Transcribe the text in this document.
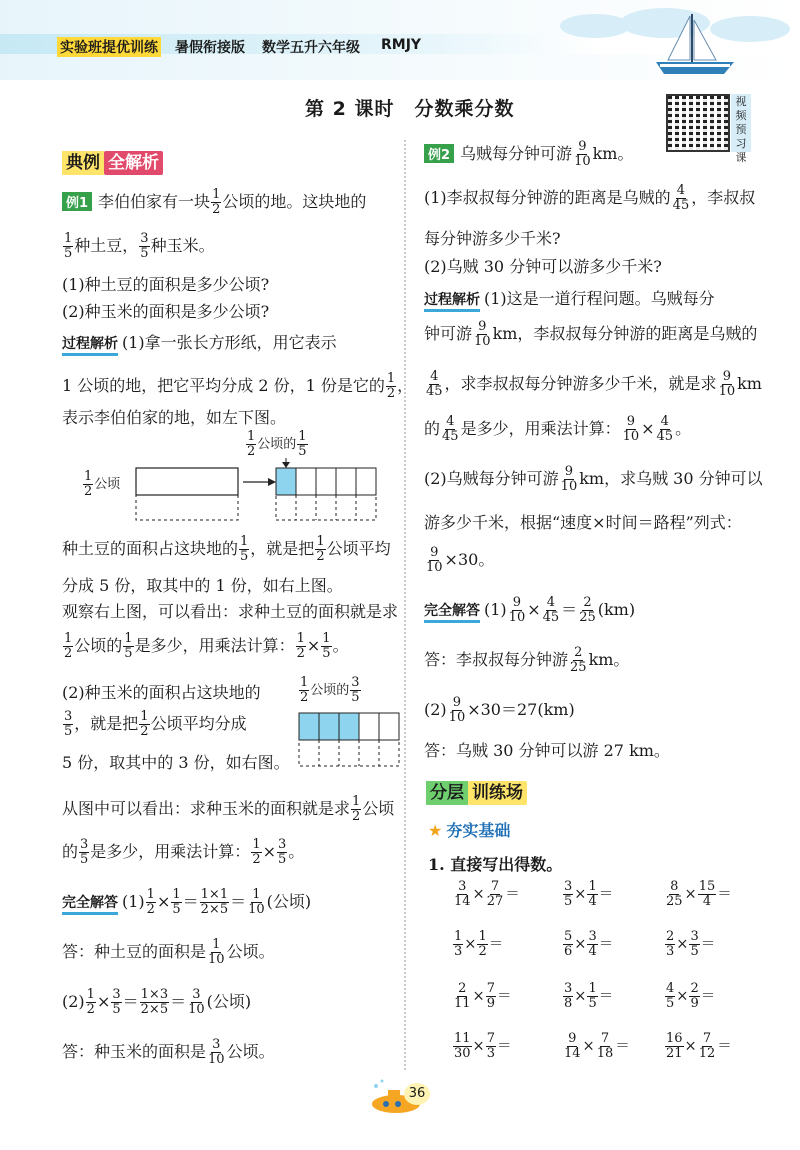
实验班提优训练 暑假衔接版 数学五升六年级 RMJY
第 2 课时　分数乘分数	视
频
预
习
课
典例 全解析
例1 李伯伯家有一块 $\frac{1}{2}$ 公顷的地。这块地的
$\frac{1}{5}$ 种土豆， $\frac{3}{5}$ 种玉米。
(1)种土豆的面积是多少公顷?
(2)种玉米的面积是多少公顷?
过程解析 (1)拿一张长方形纸，用它表示
1 公顷的地，把它平均分成 2 份，1 份是它的 $\frac{1}{2}$ ，
表示李伯伯家的地，如左下图。
$\frac{1}{2}$ 公顷的 $\frac{1}{5}$
$\frac{1}{2}$ 公顷
种土豆的面积占这块地的 $\frac{1}{5}$ ，就是把 $\frac{1}{2}$ 公顷平均
分成 5 份，取其中的 1 份，如右上图。
观察右上图，可以看出：求种土豆的面积就是求
$\frac{1}{2}$ 公顷的 $\frac{1}{5}$ 是多少，用乘法计算： $\frac{1}{2} \times \frac{1}{5}$ 。
(2)种玉米的面积占这块地的
$\frac{3}{5}$ ，就是把 $\frac{1}{2}$ 公顷平均分成
5 份，取其中的 3 份，如右图。
$\frac{1}{2}$ 公顷的 $\frac{3}{5}$
从图中可以看出：求种玉米的面积就是求 $\frac{1}{2}$ 公顷
的 $\frac{3}{5}$ 是多少，用乘法计算： $\frac{1}{2} \times \frac{3}{5}$ 。
完全解答 $(1) \frac{1}{2} \times \frac{1}{5} = \frac{1\times 1}{2\times 5} = \frac{1}{10}$ (公顷)
答：种土豆的面积是 $\frac{1}{10}$ 公顷。
$(2) \frac{1}{2} \times \frac{3}{5} = \frac{1\times 3}{2\times 5} = \frac{3}{10}$ (公顷)
答：种玉米的面积是 $\frac{3}{10}$ 公顷。
例2 乌贼每分钟可游 $\frac{9}{10}$ km。
(1)李叔叔每分钟游的距离是乌贼的 $\frac{4}{45}$ ，李叔叔
每分钟游多少千米?
(2)乌贼 30 分钟可以游多少千米?
过程解析 (1)这是一道行程问题。乌贼每分
钟可游 $\frac{9}{10}$ km，李叔叔每分钟游的距离是乌贼的
$\frac{4}{45}$ ，求李叔叔每分钟游多少千米，就是求 $\frac{9}{10}$ km
的 $\frac{4}{45}$ 是多少，用乘法计算： $\frac{9}{10} \times \frac{4}{45}$ 。
(2)乌贼每分钟可游 $\frac{9}{10}$ km，求乌贼 30 分钟可以
游多少千米，根据“速度×时间＝路程”列式：
$\frac{9}{10} \times 30$。
完全解答 $(1) \frac{9}{10} \times \frac{4}{45} = \frac{2}{25} (km)$
答：李叔叔每分钟游 $\frac{2}{25}$ km。
$(2) \frac{9}{10} \times 30=27(km)$
答：乌贼 30 分钟可以游 27 km。
分层 训练场
★ 夯实基础
1. 直接写出得数。
$\frac{3}{14} \times \frac{7}{27}$ ＝	$\frac{3}{5} \times \frac{1}{4}$ ＝	$\frac{8}{25} \times \frac{15}{4}$ ＝
$\frac{1}{3} \times \frac{1}{2}$ ＝	$\frac{5}{6} \times \frac{3}{4}$ ＝	$\frac{2}{3} \times \frac{3}{5}$ ＝
$\frac{2}{11} \times \frac{7}{9}$ ＝	$\frac{3}{8} \times \frac{1}{5}$ ＝	$\frac{4}{5} \times \frac{2}{9}$ ＝
$\frac{11}{30} \times \frac{7}{3}$ ＝	$\frac{9}{14} \times \frac{7}{18}$ ＝	$\frac{16}{21} \times \frac{7}{12}$ ＝
36
